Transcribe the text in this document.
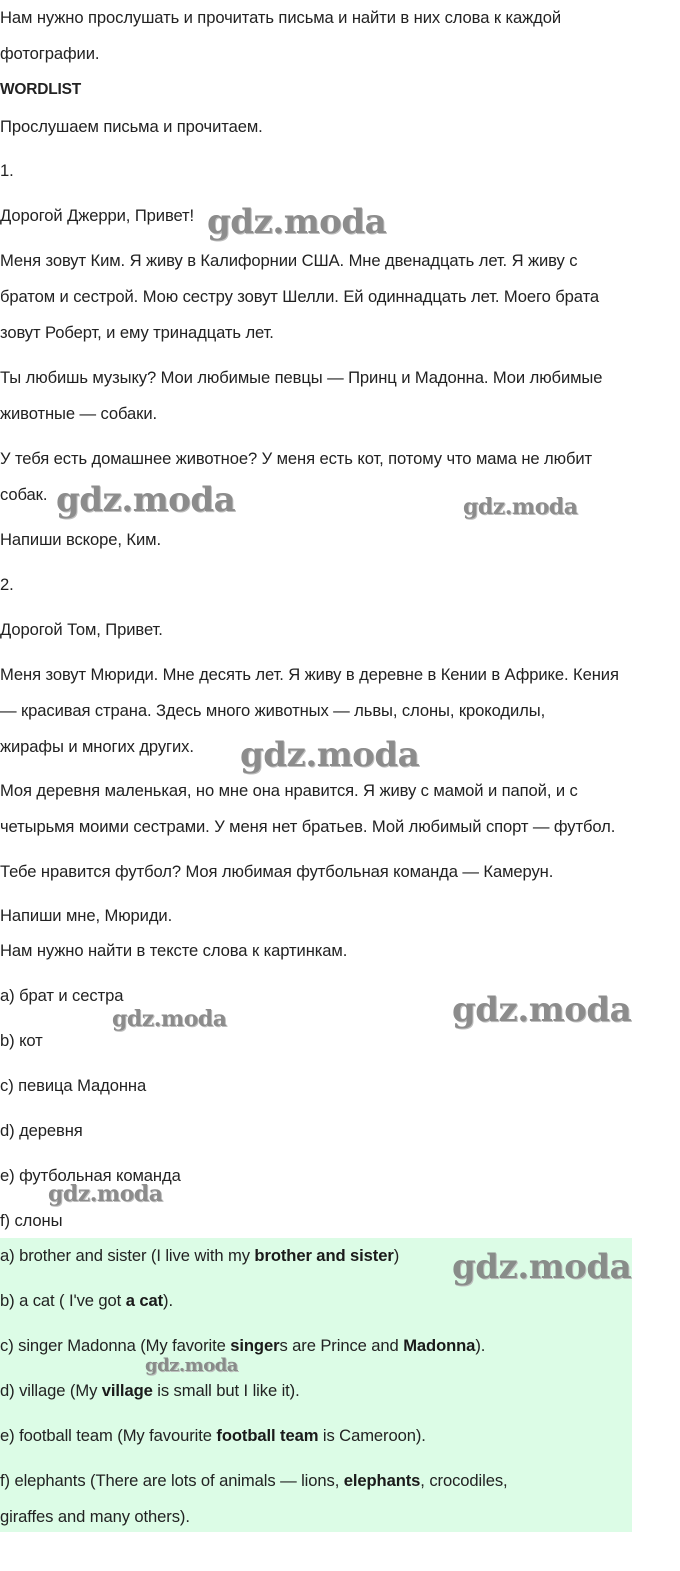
Нам нужно прослушать и прочитать письма и найти в них слова к каждой
фотографии.
WORDLIST
Прослушаем письма и прочитаем.
1.
Дорогой Джерри, Привет!
Меня зовут Ким. Я живу в Калифорнии США. Мне двенадцать лет. Я живу с
братом и сестрой. Мою сестру зовут Шелли. Ей одиннадцать лет. Моего брата
зовут Роберт, и ему тринадцать лет.
Ты любишь музыку? Мои любимые певцы — Принц и Мадонна. Мои любимые
животные — собаки.
У тебя есть домашнее животное? У меня есть кот, потому что мама не любит
собак.
Напиши вскоре, Ким.
2.
Дорогой Том, Привет.
Меня зовут Мюриди. Мне десять лет. Я живу в деревне в Кении в Африке. Кения
— красивая страна. Здесь много животных — львы, слоны, крокодилы,
жирафы и многих других.
Моя деревня маленькая, но мне она нравится. Я живу с мамой и папой, и с
четырьмя моими сестрами. У меня нет братьев. Мой любимый спорт — футбол.
Тебе нравится футбол? Моя любимая футбольная команда — Камерун.
Напиши мне, Мюриди.
Нам нужно найти в тексте слова к картинкам.
a) брат и сестра
b) кот
c) певица Мадонна
d) деревня
e) футбольная команда
f) слоны
a) brother and sister (I live with my brother and sister)
b) a cat ( I've got a cat).
c) singer Madonna (My favorite singers are Prince and Madonna).
d) village (My village is small but I like it).
e) football team (My favourite football team is Cameroon).
f) elephants (There are lots of animals — lions, elephants, crocodiles,
giraffes and many others).
gdz.moda
gdz.moda	gdz.moda
gdz.moda
gdz.moda
gdz.moda
gdz.moda
gdz.moda
gdz.moda
